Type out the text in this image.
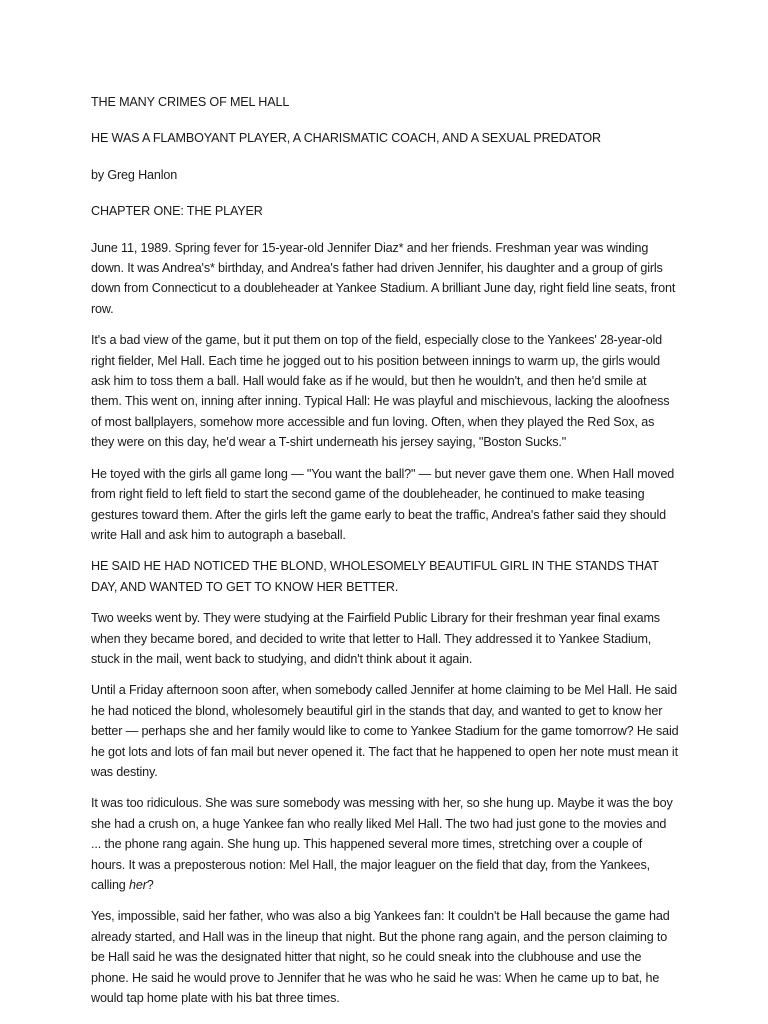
THE MANY CRIMES OF MEL HALL

HE WAS A FLAMBOYANT PLAYER, A CHARISMATIC COACH, AND A SEXUAL PREDATOR

by Greg Hanlon

CHAPTER ONE: THE PLAYER

June 11, 1989. Spring fever for 15-year-old Jennifer Diaz* and her friends. Freshman year was winding down. It was Andrea's* birthday, and Andrea's father had driven Jennifer, his daughter and a group of girls down from Connecticut to a doubleheader at Yankee Stadium. A brilliant June day, right field line seats, front row.

It's a bad view of the game, but it put them on top of the field, especially close to the Yankees' 28-year-old right fielder, Mel Hall. Each time he jogged out to his position between innings to warm up, the girls would ask him to toss them a ball. Hall would fake as if he would, but then he wouldn't, and then he'd smile at them. This went on, inning after inning. Typical Hall: He was playful and mischievous, lacking the aloofness of most ballplayers, somehow more accessible and fun loving. Often, when they played the Red Sox, as they were on this day, he'd wear a T-shirt underneath his jersey saying, "Boston Sucks."

He toyed with the girls all game long — "You want the ball?" — but never gave them one. When Hall moved from right field to left field to start the second game of the doubleheader, he continued to make teasing gestures toward them. After the girls left the game early to beat the traffic, Andrea's father said they should write Hall and ask him to autograph a baseball.

HE SAID HE HAD NOTICED THE BLOND, WHOLESOMELY BEAUTIFUL GIRL IN THE STANDS THAT DAY, AND WANTED TO GET TO KNOW HER BETTER.

Two weeks went by. They were studying at the Fairfield Public Library for their freshman year final exams when they became bored, and decided to write that letter to Hall. They addressed it to Yankee Stadium, stuck in the mail, went back to studying, and didn't think about it again.

Until a Friday afternoon soon after, when somebody called Jennifer at home claiming to be Mel Hall. He said he had noticed the blond, wholesomely beautiful girl in the stands that day, and wanted to get to know her better — perhaps she and her family would like to come to Yankee Stadium for the game tomorrow? He said he got lots and lots of fan mail but never opened it. The fact that he happened to open her note must mean it was destiny.

It was too ridiculous. She was sure somebody was messing with her, so she hung up. Maybe it was the boy she had a crush on, a huge Yankee fan who really liked Mel Hall. The two had just gone to the movies and ... the phone rang again. She hung up. This happened several more times, stretching over a couple of hours. It was a preposterous notion: Mel Hall, the major leaguer on the field that day, from the Yankees, calling her?

Yes, impossible, said her father, who was also a big Yankees fan: It couldn't be Hall because the game had already started, and Hall was in the lineup that night. But the phone rang again, and the person claiming to be Hall said he was the designated hitter that night, so he could sneak into the clubhouse and use the phone. He said he would prove to Jennifer that he was who he said he was: When he came up to bat, he would tap home plate with his bat three times.
